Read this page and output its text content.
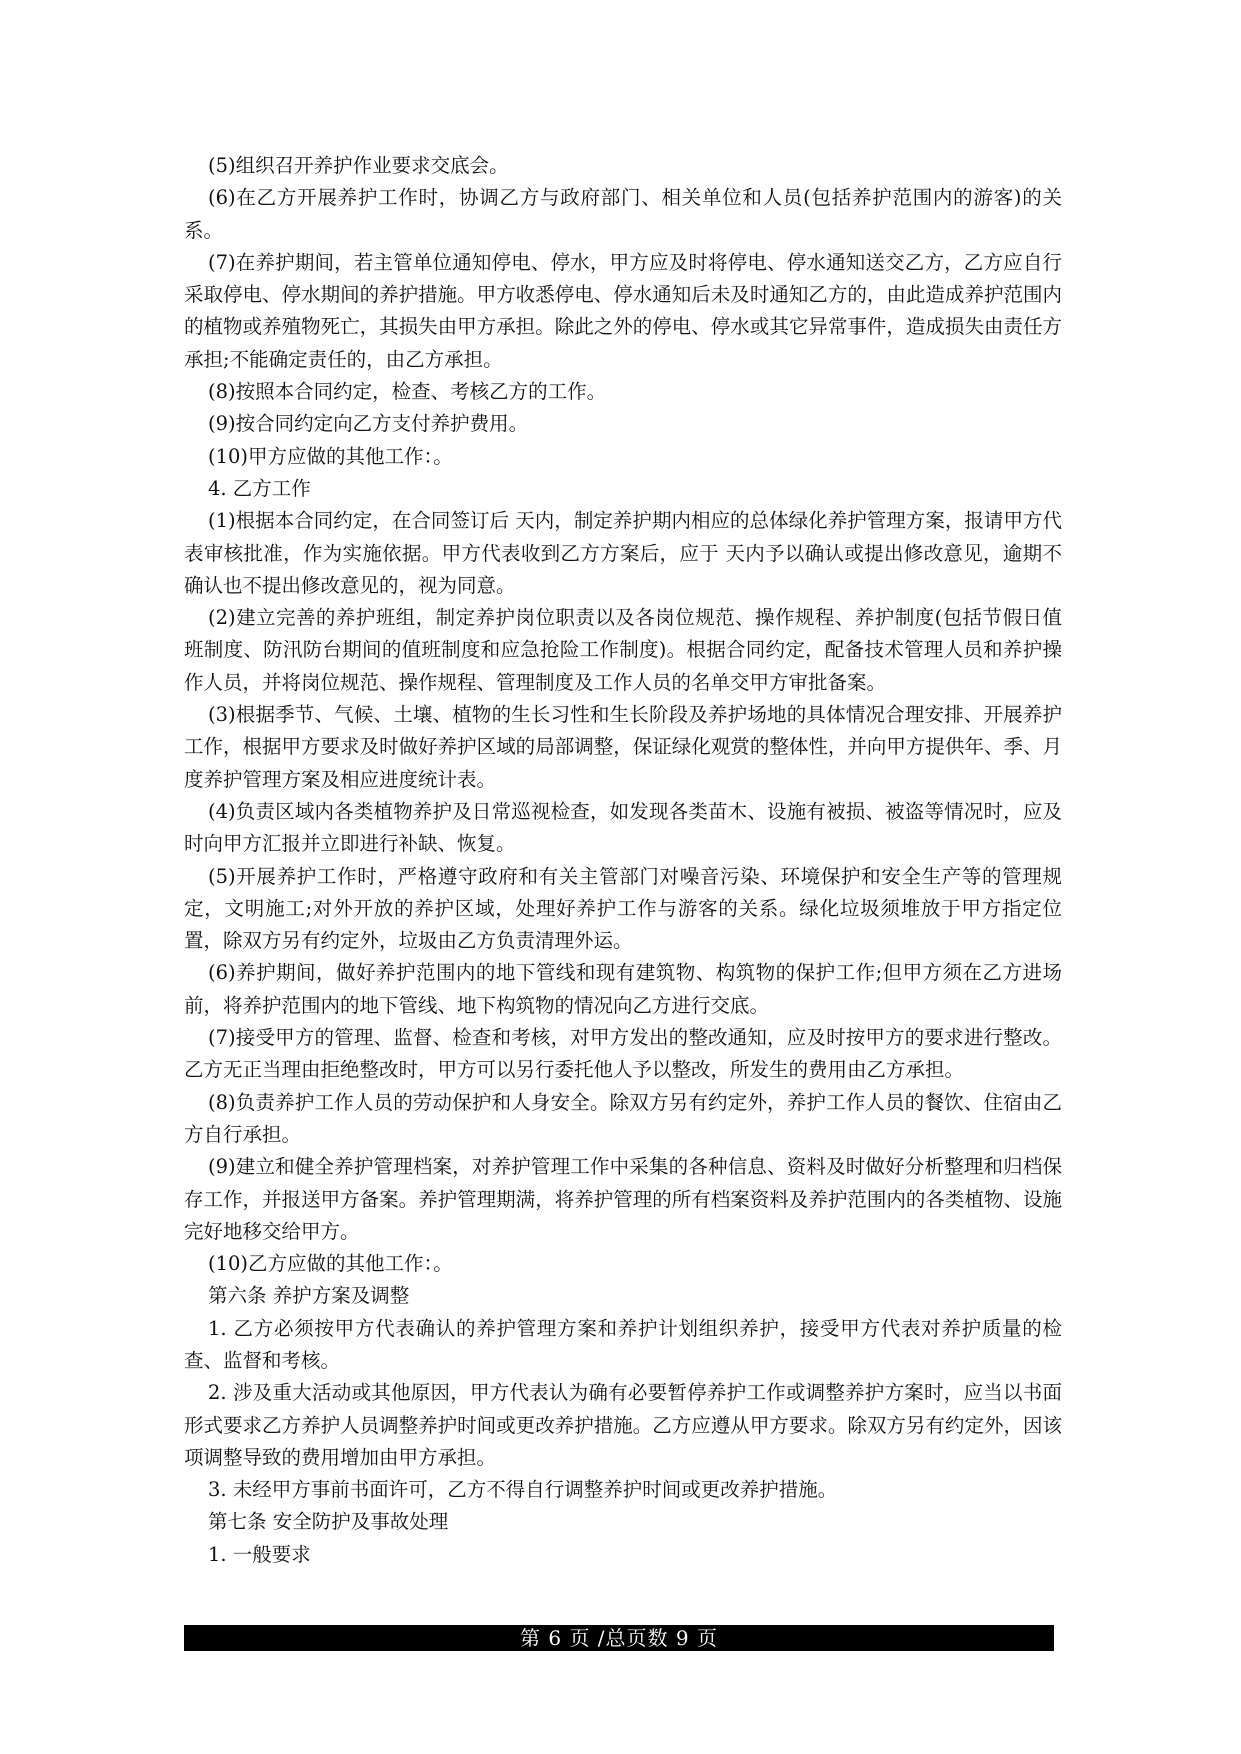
(5)组织召开养护作业要求交底会。

(6)在乙方开展养护工作时，协调乙方与政府部门、相关单位和人员(包括养护范围内的游客)的关系。

(7)在养护期间，若主管单位通知停电、停水，甲方应及时将停电、停水通知送交乙方，乙方应自行采取停电、停水期间的养护措施。甲方收悉停电、停水通知后未及时通知乙方的，由此造成养护范围内的植物或养殖物死亡，其损失由甲方承担。除此之外的停电、停水或其它异常事件，造成损失由责任方承担;不能确定责任的，由乙方承担。

(8)按照本合同约定，检查、考核乙方的工作。

(9)按合同约定向乙方支付养护费用。

(10)甲方应做的其他工作：。

4. 乙方工作

(1)根据本合同约定，在合同签订后 天内，制定养护期内相应的总体绿化养护管理方案，报请甲方代表审核批准，作为实施依据。甲方代表收到乙方方案后，应于 天内予以确认或提出修改意见，逾期不确认也不提出修改意见的，视为同意。

(2)建立完善的养护班组，制定养护岗位职责以及各岗位规范、操作规程、养护制度(包括节假日值班制度、防汛防台期间的值班制度和应急抢险工作制度)。根据合同约定，配备技术管理人员和养护操作人员，并将岗位规范、操作规程、管理制度及工作人员的名单交甲方审批备案。

(3)根据季节、气候、土壤、植物的生长习性和生长阶段及养护场地的具体情况合理安排、开展养护工作，根据甲方要求及时做好养护区域的局部调整，保证绿化观赏的整体性，并向甲方提供年、季、月度养护管理方案及相应进度统计表。

(4)负责区域内各类植物养护及日常巡视检查，如发现各类苗木、设施有被损、被盗等情况时，应及时向甲方汇报并立即进行补缺、恢复。

(5)开展养护工作时，严格遵守政府和有关主管部门对噪音污染、环境保护和安全生产等的管理规定，文明施工;对外开放的养护区域，处理好养护工作与游客的关系。绿化垃圾须堆放于甲方指定位置，除双方另有约定外，垃圾由乙方负责清理外运。

(6)养护期间，做好养护范围内的地下管线和现有建筑物、构筑物的保护工作;但甲方须在乙方进场前，将养护范围内的地下管线、地下构筑物的情况向乙方进行交底。

(7)接受甲方的管理、监督、检查和考核，对甲方发出的整改通知，应及时按甲方的要求进行整改。乙方无正当理由拒绝整改时，甲方可以另行委托他人予以整改，所发生的费用由乙方承担。

(8)负责养护工作人员的劳动保护和人身安全。除双方另有约定外，养护工作人员的餐饮、住宿由乙方自行承担。

(9)建立和健全养护管理档案，对养护管理工作中采集的各种信息、资料及时做好分析整理和归档保存工作，并报送甲方备案。养护管理期满，将养护管理的所有档案资料及养护范围内的各类植物、设施完好地移交给甲方。

(10)乙方应做的其他工作：。

第六条 养护方案及调整

1. 乙方必须按甲方代表确认的养护管理方案和养护计划组织养护，接受甲方代表对养护质量的检查、监督和考核。

2. 涉及重大活动或其他原因，甲方代表认为确有必要暂停养护工作或调整养护方案时，应当以书面形式要求乙方养护人员调整养护时间或更改养护措施。乙方应遵从甲方要求。除双方另有约定外，因该项调整导致的费用增加由甲方承担。

3. 未经甲方事前书面许可，乙方不得自行调整养护时间或更改养护措施。

第七条 安全防护及事故处理

1. 一般要求

第 6 页 /总页数 9 页
